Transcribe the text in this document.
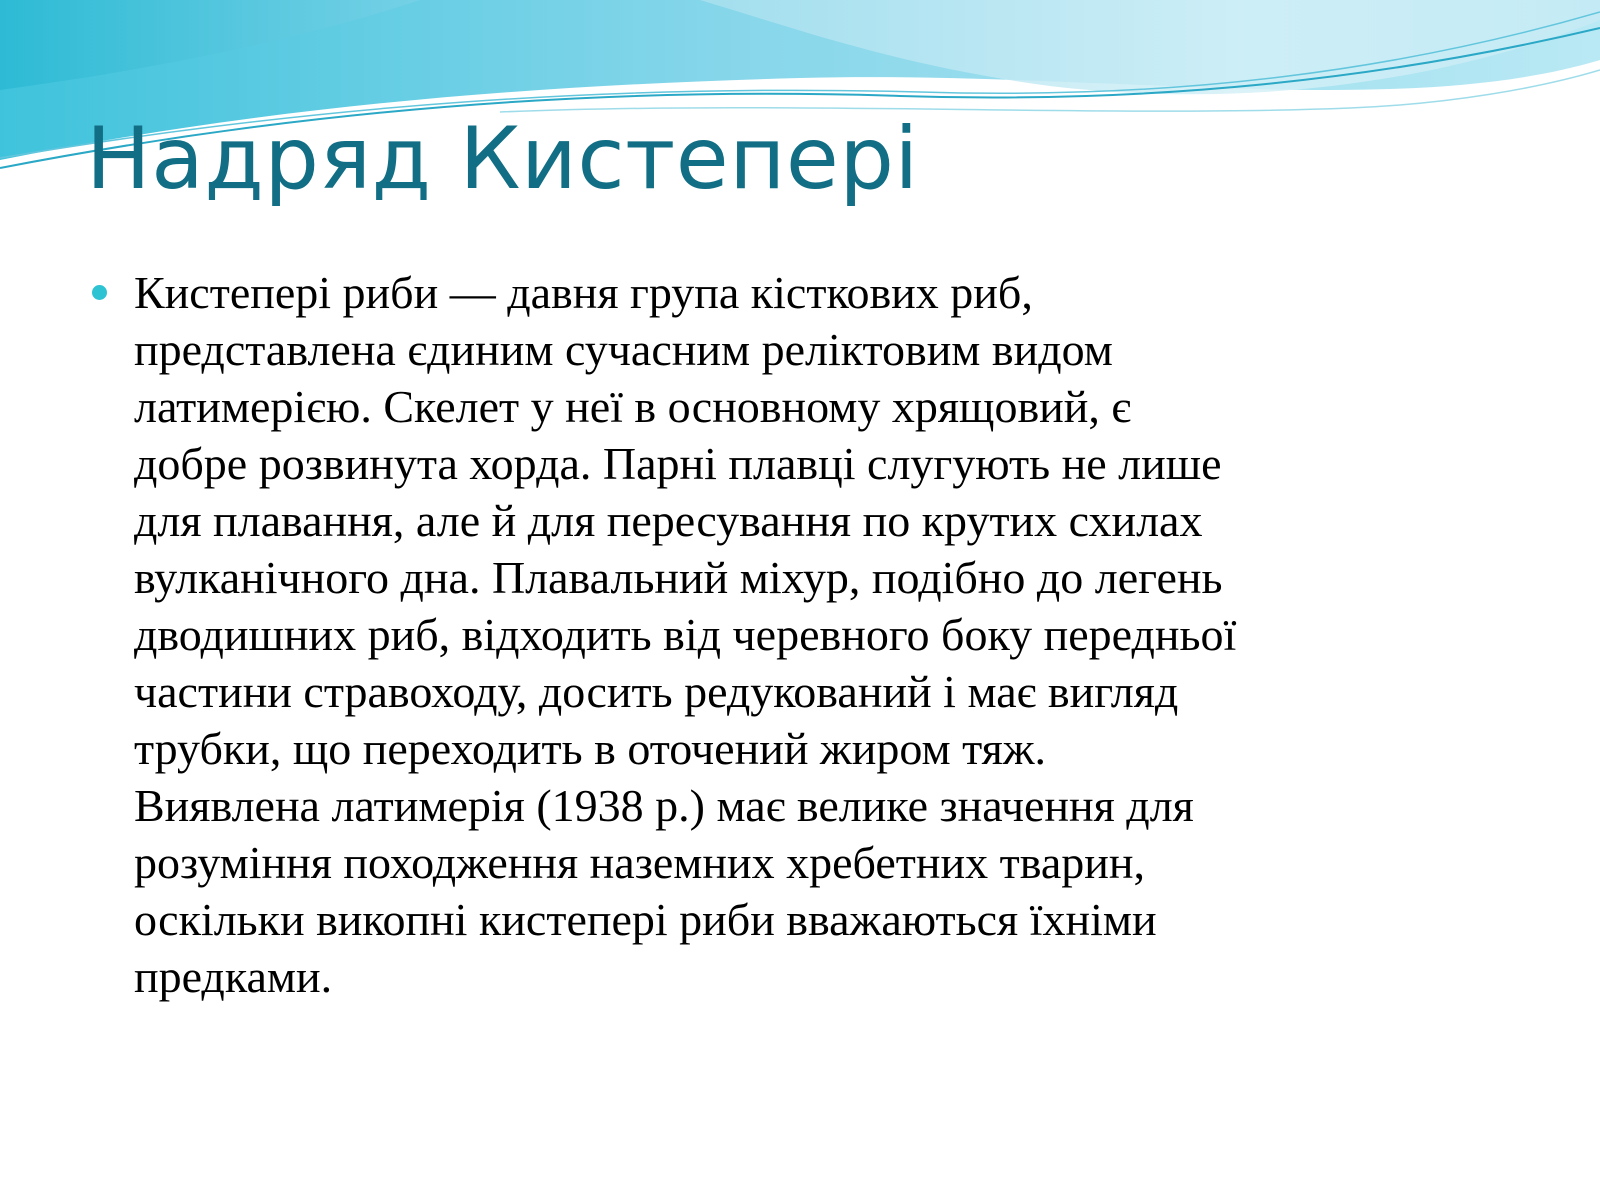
Надряд Кистепері
Кистепері риби — давня група кісткових риб,
представлена єдиним сучасним реліктовим видом
латимерією. Скелет у неї в основному хрящовий, є
добре розвинута хорда. Парні плавці слугують не лише
для плавання, але й для пересування по крутих схилах
вулканічного дна. Плавальний міхур, подібно до легень
дводишних риб, відходить від черевного боку передньої
частини стравоходу, досить редукований і має вигляд
трубки, що переходить в оточений жиром тяж.
Виявлена латимерія (1938 р.) має велике значення для
розуміння походження наземних хребетних тварин,
оскільки викопні кистепері риби вважаються їхніми
предками.
